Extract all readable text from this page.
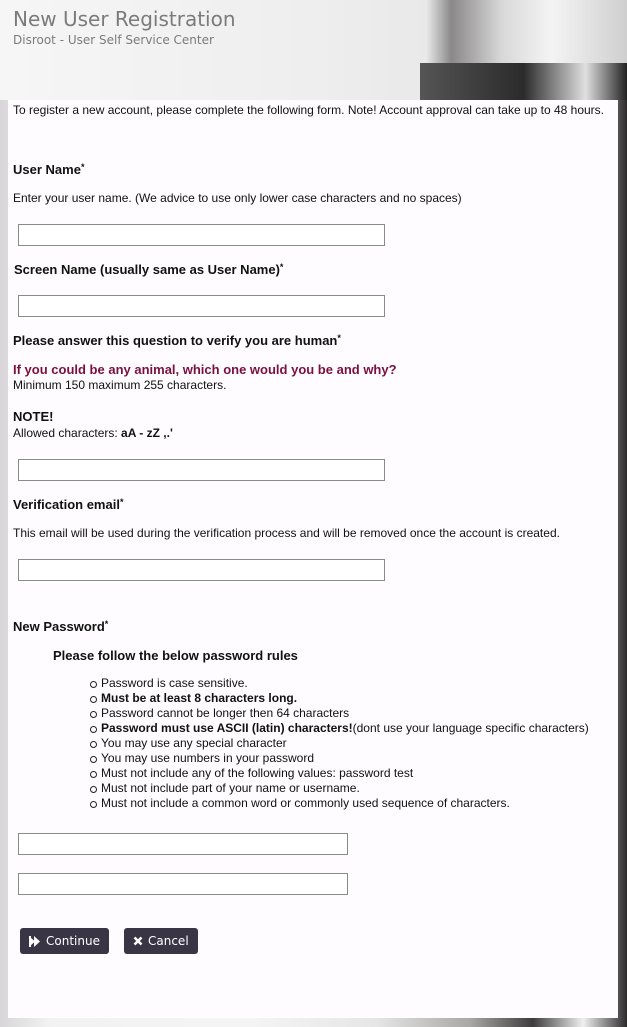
New User Registration
Disroot - User Self Service Center
To register a new account, please complete the following form. Note! Account approval can take up to 48 hours.
User Name*
Enter your user name. (We advice to use only lower case characters and no spaces)
Screen Name (usually same as User Name)*
Please answer this question to verify you are human*
If you could be any animal, which one would you be and why?
Minimum 150 maximum 255 characters.
NOTE!
Allowed characters: aA - zZ ,.'
Verification email*
This email will be used during the verification process and will be removed once the account is created.
New Password*
Please follow the below password rules
Password is case sensitive.
Must be at least 8 characters long.
Password cannot be longer then 64 characters
Password must use ASCII (latin) characters!(dont use your language specific characters)
You may use any special character
You may use numbers in your password
Must not include any of the following values: password test
Must not include part of your name or username.
Must not include a common word or commonly used sequence of characters.
Continue	Cancel
